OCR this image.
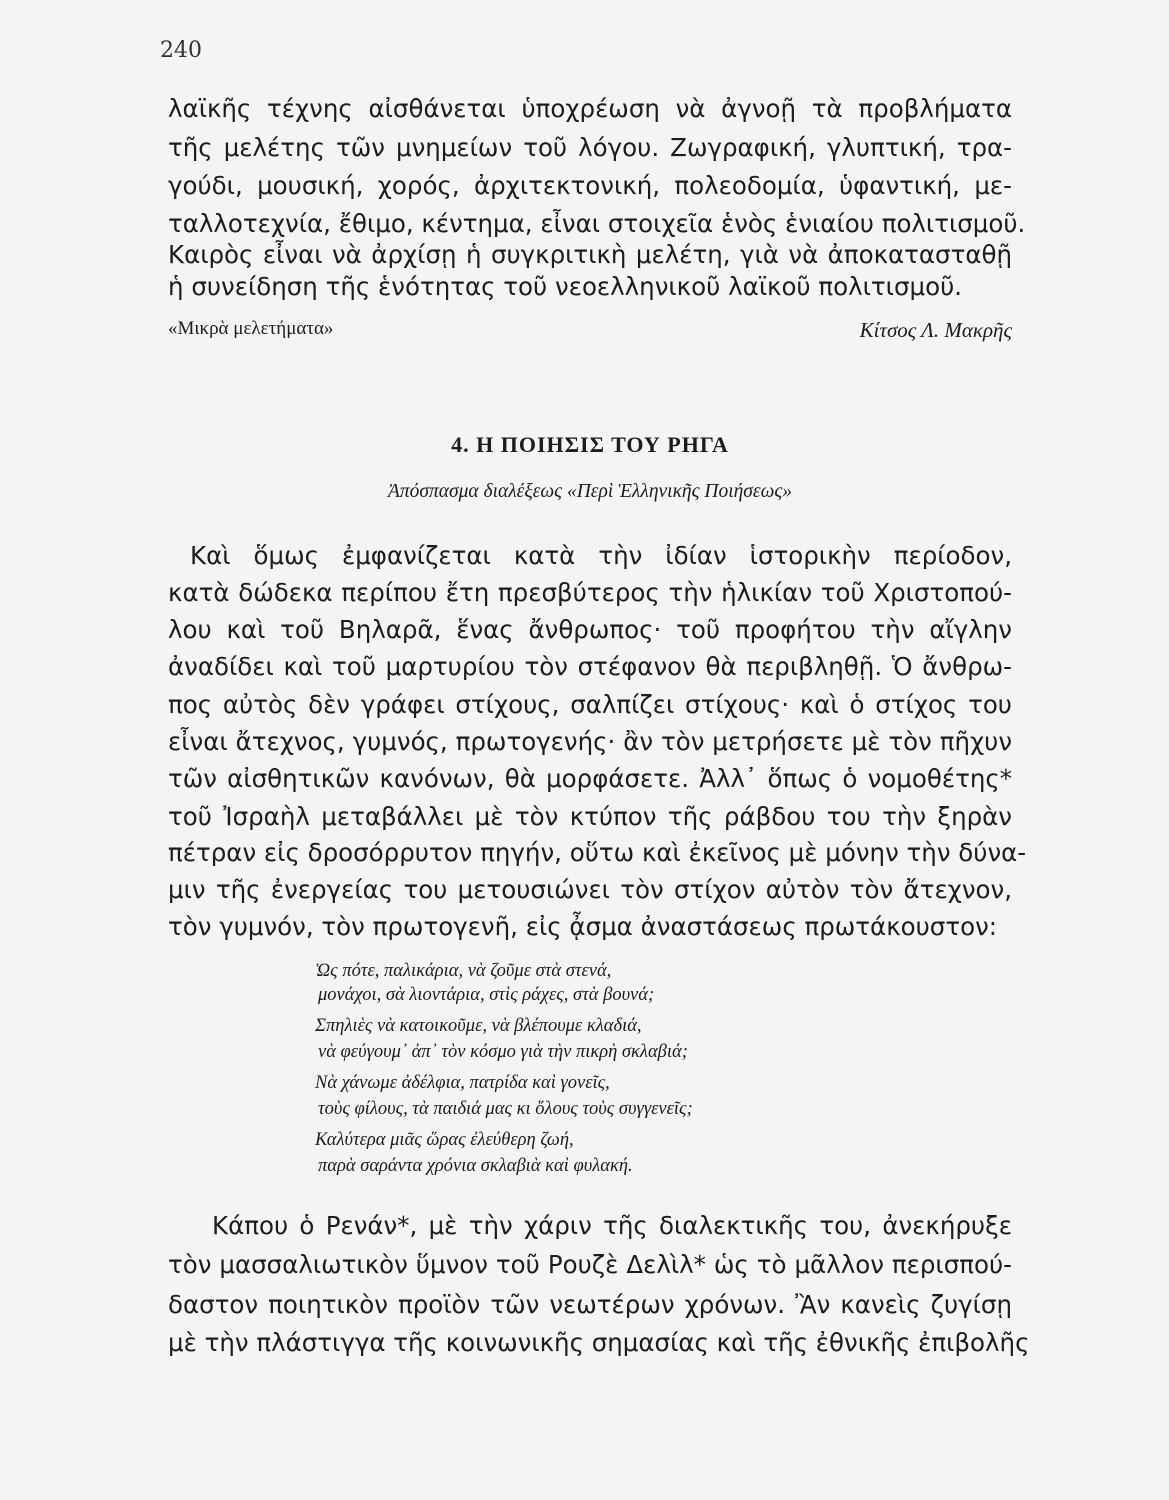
240
λαϊκῆς τέχνης αἰσθάνεται ὑποχρέωση νὰ ἀγνοῇ τὰ προβλήματα
τῆς μελέτης τῶν μνημείων τοῦ λόγου. Ζωγραφική, γλυπτική, τρα-
γούδι, μουσική, χορός, ἀρχιτεκτονική, πολεοδομία, ὑφαντική, με-
ταλλοτεχνία, ἔθιμο, κέντημα, εἶναι στοιχεῖα ἑνὸς ἑνιαίου πολιτισμοῦ.
Καιρὸς εἶναι νὰ ἀρχίσῃ ἡ συγκριτικὴ μελέτη, γιὰ νὰ ἀποκατασταθῇ
ἡ συνείδηση τῆς ἑνότητας τοῦ νεοελληνικοῦ λαϊκοῦ πολιτισμοῦ.
«Μικρὰ μελετήματα»	Κίτσος Λ. Μακρῆς
4. Η ΠΟΙΗΣΙΣ ΤΟΥ ΡΗΓΑ
Ἀπόσπασμα διαλέξεως «Περὶ Ἑλληνικῆς Ποιήσεως»
Καὶ ὅμως ἐμφανίζεται κατὰ τὴν ἰδίαν ἱστορικὴν περίοδον,
κατὰ δώδεκα περίπου ἔτη πρεσβύτερος τὴν ἡλικίαν τοῦ Χριστοπού-
λου καὶ τοῦ Βηλαρᾶ, ἕνας ἄνθρωπος· τοῦ προφήτου τὴν αἴγλην
ἀναδίδει καὶ τοῦ μαρτυρίου τὸν στέφανον θὰ περιβληθῇ. Ὁ ἄνθρω-
πος αὐτὸς δὲν γράφει στίχους, σαλπίζει στίχους· καὶ ὁ στίχος του
εἶναι ἄτεχνος, γυμνός, πρωτογενής· ἂν τὸν μετρήσετε μὲ τὸν πῆχυν
τῶν αἰσθητικῶν κανόνων, θὰ μορφάσετε. Ἀλλ᾽ ὅπως ὁ νομοθέτης*
τοῦ Ἰσραὴλ μεταβάλλει μὲ τὸν κτύπον τῆς ράβδου του τὴν ξηρὰν
πέτραν εἰς δροσόρρυτον πηγήν, οὕτω καὶ ἐκεῖνος μὲ μόνην τὴν δύνα-
μιν τῆς ἐνεργείας του μετουσιώνει τὸν στίχον αὐτὸν τὸν ἄτεχνον,
τὸν γυμνόν, τὸν πρωτογενῆ, εἰς ᾆσμα ἀναστάσεως πρωτάκουστον:
Ὡς πότε, παλικάρια, νὰ ζοῦμε στὰ στενά,
μονάχοι, σὰ λιοντάρια, στὶς ράχες, στὰ βουνά;
Σπηλιὲς νὰ κατοικοῦμε, νὰ βλέπουμε κλαδιά,
νὰ φεύγουμ᾽ ἀπ᾽ τὸν κόσμο γιὰ τὴν πικρὴ σκλαβιά;
Νὰ χάνωμε ἀδέλφια, πατρίδα καὶ γονεῖς,
τοὺς φίλους, τὰ παιδιά μας κι ὅλους τοὺς συγγενεῖς;
Καλύτερα μιᾶς ὥρας ἐλεύθερη ζωή,
παρὰ σαράντα χρόνια σκλαβιὰ καὶ φυλακή.
Κάπου ὁ Ρενάν*, μὲ τὴν χάριν τῆς διαλεκτικῆς του, ἀνεκήρυξε
τὸν μασσαλιωτικὸν ὕμνον τοῦ Ρουζὲ Δελὶλ* ὡς τὸ μᾶλλον περισπού-
δαστον ποιητικὸν προϊὸν τῶν νεωτέρων χρόνων. Ἂν κανεὶς ζυγίσῃ
μὲ τὴν πλάστιγγα τῆς κοινωνικῆς σημασίας καὶ τῆς ἐθνικῆς ἐπιβολῆς
